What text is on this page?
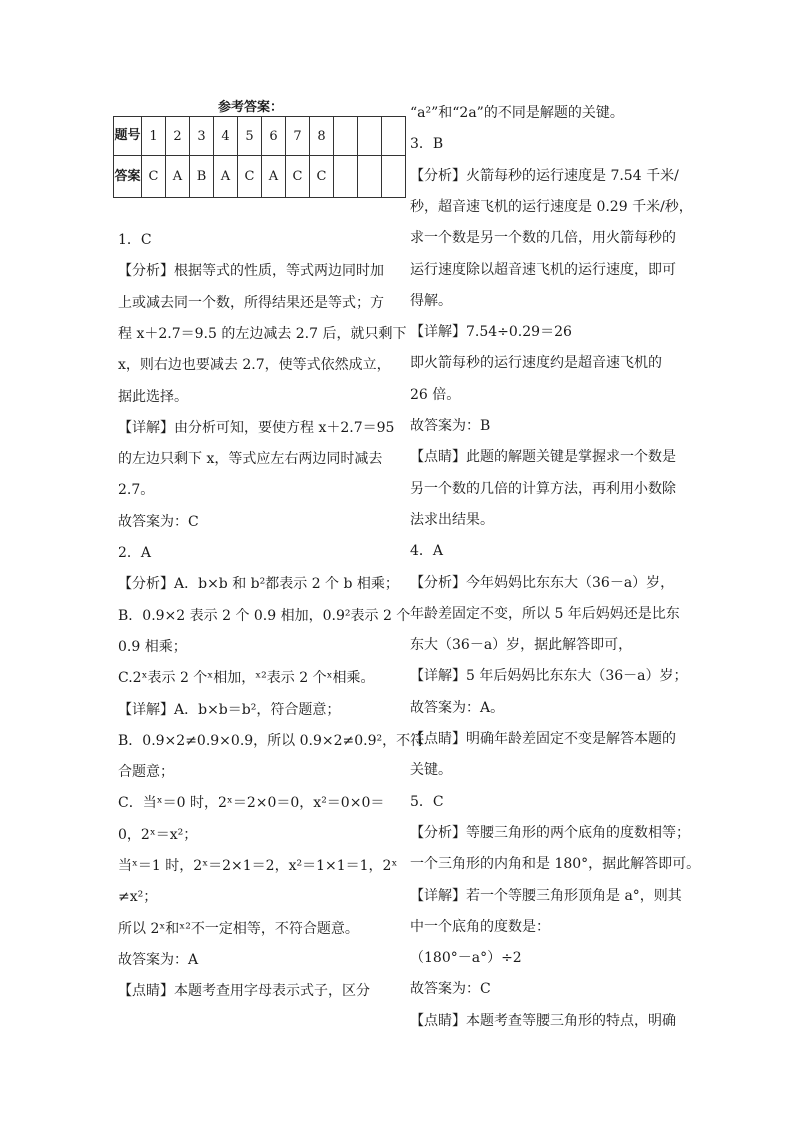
参考答案：
题号	1	2	3	4	5	6	7	8			
答案	C	A	B	A	C	A	C	C			
1．C
【分析】根据等式的性质，等式两边同时加
上或减去同一个数，所得结果还是等式；方
程 x＋2.7＝9.5 的左边减去 2.7 后，就只剩下
x，则右边也要减去 2.7，使等式依然成立，
据此选择。
【详解】由分析可知，要使方程 x＋2.7＝95
的左边只剩下 x，等式应左右两边同时减去
2.7。
故答案为：C
2．A
【分析】A．b×b 和 b²都表示 2 个 b 相乘；
B．0.9×2 表示 2 个 0.9 相加，0.9²表示 2 个
0.9 相乘；
C.2ˣ表示 2 个ˣ相加，ˣ²表示 2 个ˣ相乘。
【详解】A．b×b＝b²，符合题意；
B．0.9×2≠0.9×0.9，所以 0.9×2≠0.9²，不符
合题意；
C．当ˣ＝0 时，2ˣ＝2×0＝0，x²＝0×0＝
0，2ˣ＝x²；
当ˣ＝1 时，2ˣ＝2×1＝2，x²＝1×1＝1，2ˣ
≠x²；
所以 2ˣ和ˣ²不一定相等，不符合题意。
故答案为：A
【点睛】本题考查用字母表示式子，区分
“a²”和“2a”的不同是解题的关键。
3．B
【分析】火箭每秒的运行速度是 7.54 千米/
秒，超音速飞机的运行速度是 0.29 千米/秒，
求一个数是另一个数的几倍，用火箭每秒的
运行速度除以超音速飞机的运行速度，即可
得解。
【详解】7.54÷0.29＝26
即火箭每秒的运行速度约是超音速飞机的
26 倍。
故答案为：B
【点睛】此题的解题关键是掌握求一个数是
另一个数的几倍的计算方法，再利用小数除
法求出结果。
4．A
【分析】今年妈妈比东东大（36－a）岁，
年龄差固定不变，所以 5 年后妈妈还是比东
东大（36－a）岁，据此解答即可，
【详解】5 年后妈妈比东东大（36－a）岁；
故答案为：A。
【点睛】明确年龄差固定不变是解答本题的
关键。
5．C
【分析】等腰三角形的两个底角的度数相等；
一个三角形的内角和是 180°，据此解答即可。
【详解】若一个等腰三角形顶角是 a°，则其
中一个底角的度数是：
（180°－a°）÷2
故答案为：C
【点睛】本题考查等腰三角形的特点，明确
